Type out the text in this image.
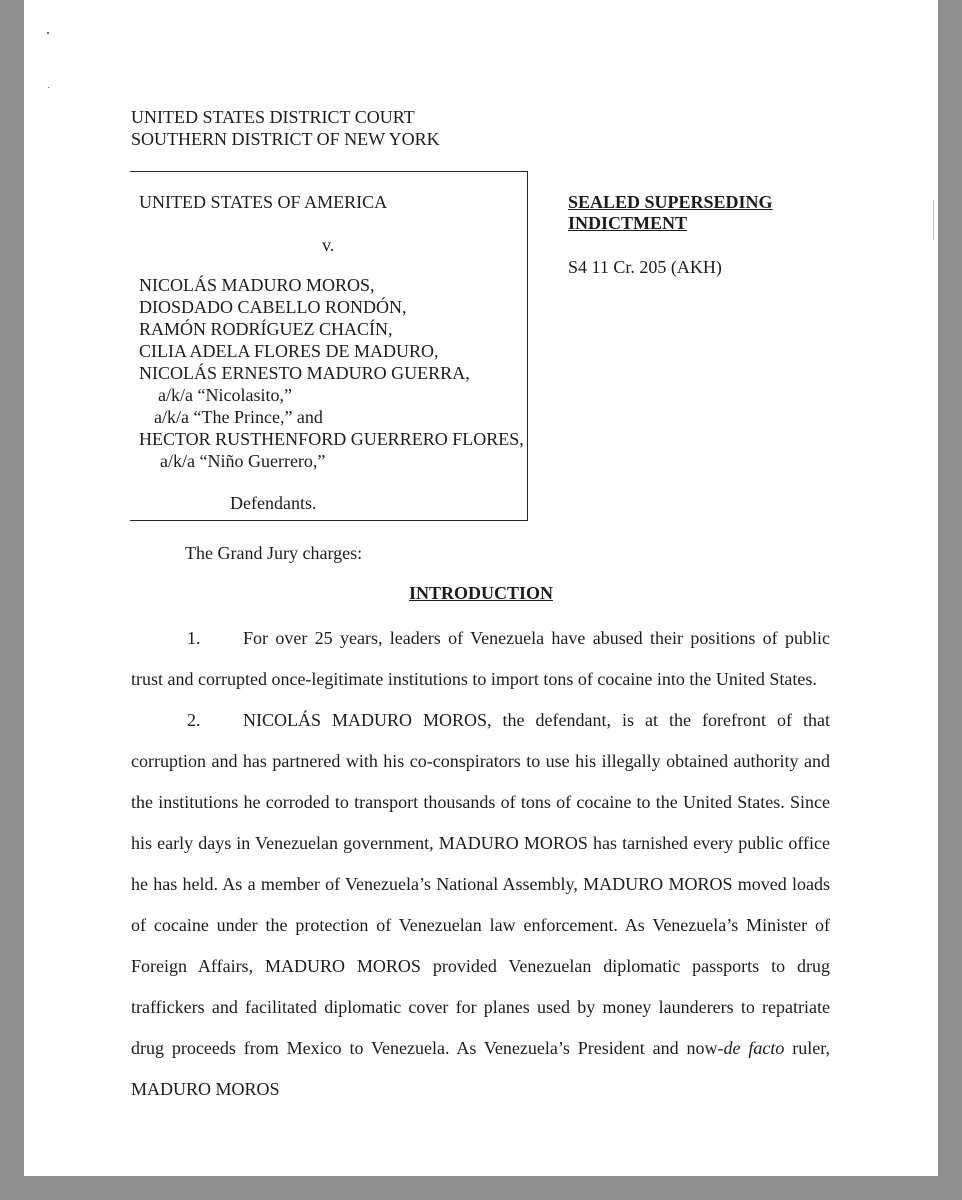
UNITED STATES DISTRICT COURT
SOUTHERN DISTRICT OF NEW YORK
UNITED STATES OF AMERICA
v.
NICOLÁS MADURO MOROS,
DIOSDADO CABELLO RONDÓN,
RAMÓN RODRÍGUEZ CHACÍN,
CILIA ADELA FLORES DE MADURO,
NICOLÁS ERNESTO MADURO GUERRA,
a/k/a “Nicolasito,”
a/k/a “The Prince,” and
HECTOR RUSTHENFORD GUERRERO FLORES,
a/k/a “Niño Guerrero,”
Defendants.
SEALED SUPERSEDING
INDICTMENT
S4 11 Cr. 205 (AKH)
The Grand Jury charges:
INTRODUCTION

1. For over 25 years, leaders of Venezuela have abused their positions of public trust and corrupted once-legitimate institutions to import tons of cocaine into the United States.

2. NICOLÁS MADURO MOROS, the defendant, is at the forefront of that corruption and has partnered with his co-conspirators to use his illegally obtained authority and the institutions he corroded to transport thousands of tons of cocaine to the United States. Since his early days in Venezuelan government, MADURO MOROS has tarnished every public office he has held. As a member of Venezuela’s National Assembly, MADURO MOROS moved loads of cocaine under the protection of Venezuelan law enforcement. As Venezuela’s Minister of Foreign Affairs, MADURO MOROS provided Venezuelan diplomatic passports to drug traffickers and facilitated diplomatic cover for planes used by money launderers to repatriate drug proceeds from Mexico to Venezuela. As Venezuela’s President and now-de facto ruler, MADURO MOROS
